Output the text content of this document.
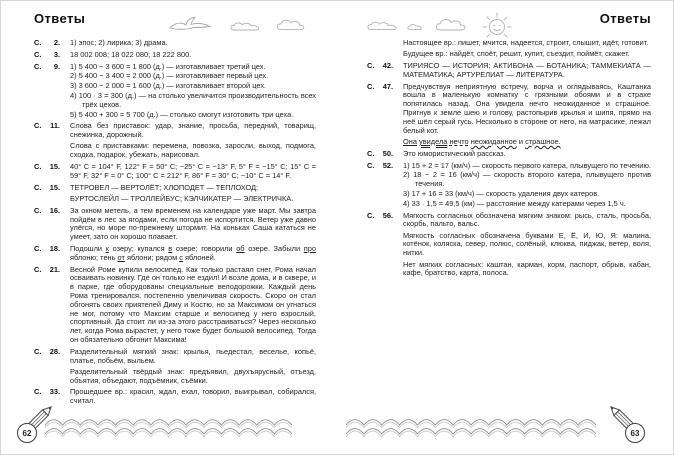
Ответы
С.	2. 1) эпос; 2) лирика; 3) драма.

С.	3. 18 002 008; 18 022 080; 18 222 800.

С.	9. 1) 5 400 − 3 600 = 1 800 (д.) — изготавливает третий цех.

2) 5 400 − 3 400 = 2 000 (д.) — изготавливает первый цех.

3) 3 600 − 2 000 = 1 600 (д.) — изготавливает второй цех.

4) 100 · 3 = 300 (д.) — на столько увеличится производительность всех трёх цехов.

5) 5 400 + 300 = 5 700 (д.) — столько смогут изготовить три цеха.

С.	11. Слова без приставок: удар, знание, просьба, передний, товарищ, снежинка, дорожный.

Слова с приставками: перемена, повозка, заросли, выход, подмога, сходка, подарок, убежать, нарисовал.

С.	15. 40° С = 104° F, 122° F = 50° С; −25° С = −13° F, 5° F = −15° С; 15° С = 59° F, 32° F = 0° С; 100° С = 212° F, 86° F = 30° С; −10° С = 14° F.

С.	15. ТЕТРОВЕЛ — ВЕРТОЛЁТ; ХЛОПОДЕТ — ТЕПЛОХОД;

БУРТОСЛЕЙЛ — ТРОЛЛЕЙБУС; КЭЛЧИКАТЕР — ЭЛЕКТРИЧКА.

С.	16. За окном метель, а тем временем на календаре уже март. Мы завтра пойдём в лес за ягодами, если погода не испортится. Ветер уже давно улёгся, но море по-прежнему штормит. На коньках Саша кататься не умеет, зато он хорошо плавает.

С.	18. Подошли к озеру; купался в озере; говорили об озере. Забыли про яблоню; тень от яблони; рядом с яблоней.

С.	21. Весной Роме купили велосипед. Как только растаял снег, Рома начал осваивать новинку. Где он только не ездил! И возле дома, и в сквере, и в парке, где оборудованы специальные велодорожки. Каждый день Рома тренировался, постепенно увеличивая скорость. Скоро он стал обгонять своих приятелей Диму и Костю, но за Максимом он угнаться не мог, потому что Максим старше и велосипед у него взрослый, спортивный. Да стоит ли из-за этого расстраиваться? Через несколько лет, когда Рома вырастет, у него тоже будет большой велосипед. Тогда он обязательно обгонит Максима!

С.	28. Разделительный мягкий знак: крылья, пьедестал, веселье, копьё, платье, побьём, выльем.

Разделительный твёрдый знак: предъявил, двухъярусный, отъезд, объятия, объедают, подъёмник, съёмки.

С.	33. Прошедшее вр.: красил, ждал, ехал, говорил, выигрывал, собирался, считал.

62
Ответы

Настоящее вр.: пишет, мчится, надеется, строит, слышит, идёт, готовит.

Будущее вр.: найдёт, споёт, решит, купит, съездит, поймёт, скажет.

С.	42. ТИРИЯСО — ИСТОРИЯ; АКТИБОНА — БОТАНИКА; ТАММЕКИАТА — МАТЕМАТИКА; АРТУРЕЛИАТ — ЛИТЕРАТУРА.

С.	47. Предчувствуя неприятную встречу, ворча и оглядываясь, Каштанка вошла в маленькую комнатку с грязными обоями и в страхе попятилась назад. Она увидела нечто неожиданное и страшное. Пригнув к земле шею и голову, растопырив крылья и шипя, прямо на неё шёл серый гусь. Несколько в стороне от него, на матрасике, лежал белый кот.

Она увидела нечто неожиданное и страшное.

С.	50. Это юмористический рассказ.

С.	52. 1) 15 + 2 = 17 (км/ч) — скорость первого катера, плывущего по течению.

2) 18 − 2 = 16 (км/ч) — скорость второго катера, плывущего против течения.

3) 17 + 16 = 33 (км/ч) — скорость удаления двух катеров.

4) 33 · 1,5 = 49,5 (км) — расстояние между катерами через 1,5 ч.

С.	56. Мягкость согласных обозначена мягким знаком: рысь, сталь, просьба, скорбь, пальто, вальс.

Мягкость согласных обозначена буквами Е, Ё, И, Ю, Я: малина, котёнок, коляска, север, полюс, солёный, клюква, пиджак, ветер, воля, нитки.

Нет мягких согласных: каштан, карман, корм, паспорт, обрыв, кабан, кафе, братство, карта, полоса.

63
